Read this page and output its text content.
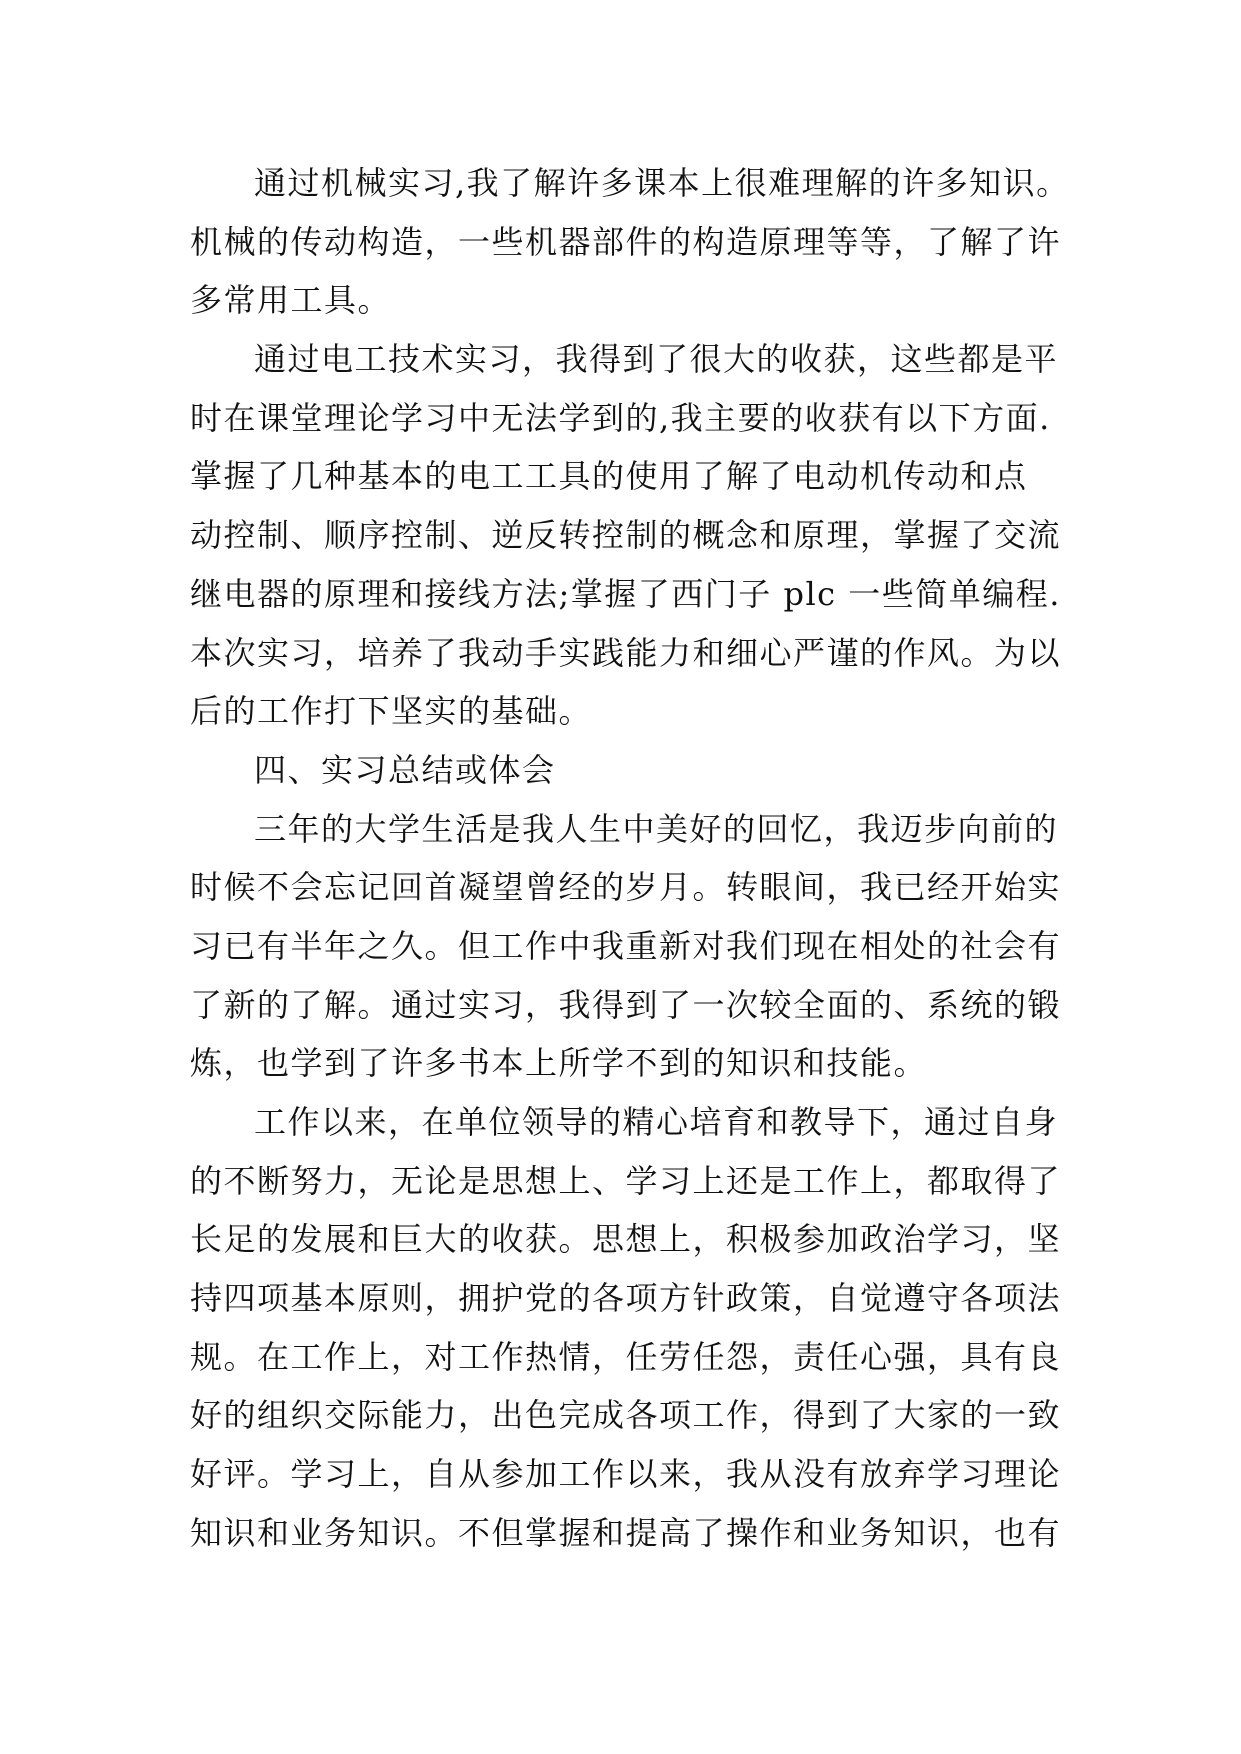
通过机械实习,我了解许多课本上很难理解的许多知识。
机械的传动构造，一些机器部件的构造原理等等，了解了许
多常用工具。
通过电工技术实习，我得到了很大的收获，这些都是平
时在课堂理论学习中无法学到的,我主要的收获有以下方面.
掌握了几种基本的电工工具的使用了解了电动机传动和点
动控制、顺序控制、逆反转控制的概念和原理，掌握了交流
继电器的原理和接线方法;掌握了西门子 plc 一些简单编程.
本次实习，培养了我动手实践能力和细心严谨的作风。为以
后的工作打下坚实的基础。
四、实习总结或体会
三年的大学生活是我人生中美好的回忆，我迈步向前的
时候不会忘记回首凝望曾经的岁月。转眼间，我已经开始实
习已有半年之久。但工作中我重新对我们现在相处的社会有
了新的了解。通过实习，我得到了一次较全面的、系统的锻
炼，也学到了许多书本上所学不到的知识和技能。
工作以来，在单位领导的精心培育和教导下，通过自身
的不断努力，无论是思想上、学习上还是工作上，都取得了
长足的发展和巨大的收获。思想上，积极参加政治学习，坚
持四项基本原则，拥护党的各项方针政策，自觉遵守各项法
规。在工作上，对工作热情，任劳任怨，责任心强，具有良
好的组织交际能力，出色完成各项工作，得到了大家的一致
好评。学习上，自从参加工作以来，我从没有放弃学习理论
知识和业务知识。不但掌握和提高了操作和业务知识，也有
